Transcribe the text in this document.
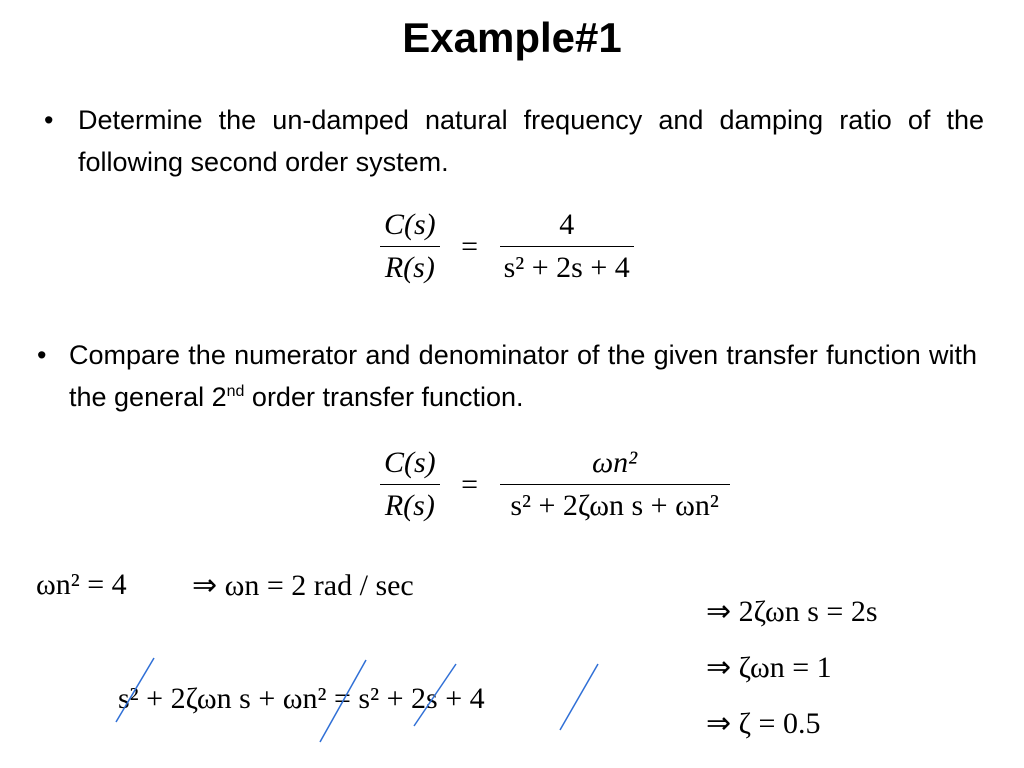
Example#1
• Determine the un-damped natural frequency and damping ratio of the following second order system.
$\frac{C(s)}{R(s)} = \frac{4}{\text{s² + 2s + 4}}$
• Compare the numerator and denominator of the given transfer function with the general 2nd order transfer function.
$\frac{C(s)}{R(s)} = \frac{\text{ωn²}}{\text{s² + 2ζωn s + ωn²}}$
ωn² = 4 ⇒ ωn = 2 rad / sec
s² + 2ζωn s + ωn² = s² + 2s + 4
⇒ 2ζωn s = 2s
⇒ ζωn = 1
⇒ ζ = 0.5
